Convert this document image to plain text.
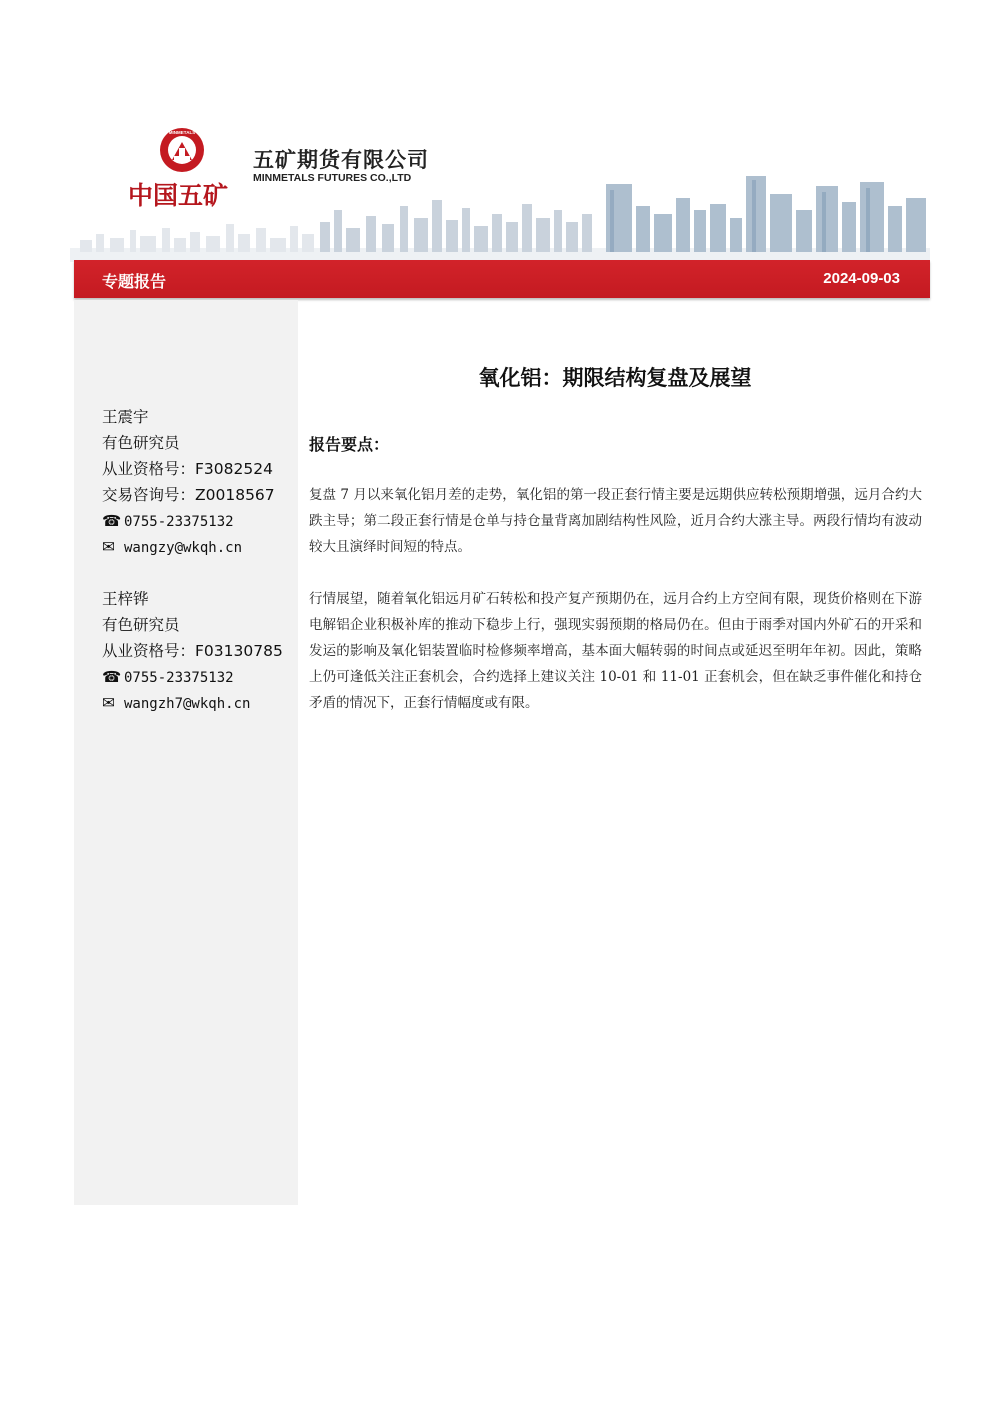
MINMETALS
中国五矿
五矿期货有限公司
MINMETALS FUTURES CO.,LTD
专题报告	2024-09-03
王震宇
有色研究员
从业资格号：F3082524
交易咨询号：Z0018567
☎ 0755-23375132
✉ wangzy@wkqh.cn
王梓铧
有色研究员
从业资格号：F03130785
☎ 0755-23375132
✉ wangzh7@wkqh.cn
氧化铝：期限结构复盘及展望
报告要点：
复盘 7 月以来氧化铝月差的走势，氧化铝的第一段正套行情主要是远期供应转松预期增强，远月合约大跌主导；第二段正套行情是仓单与持仓量背离加剧结构性风险，近月合约大涨主导。两段行情均有波动较大且演绎时间短的特点。
行情展望，随着氧化铝远月矿石转松和投产复产预期仍在，远月合约上方空间有限，现货价格则在下游电解铝企业积极补库的推动下稳步上行，强现实弱预期的格局仍在。但由于雨季对国内外矿石的开采和发运的影响及氧化铝装置临时检修频率增高，基本面大幅转弱的时间点或延迟至明年年初。因此，策略上仍可逢低关注正套机会，合约选择上建议关注 10-01 和 11-01 正套机会，但在缺乏事件催化和持仓矛盾的情况下，正套行情幅度或有限。
